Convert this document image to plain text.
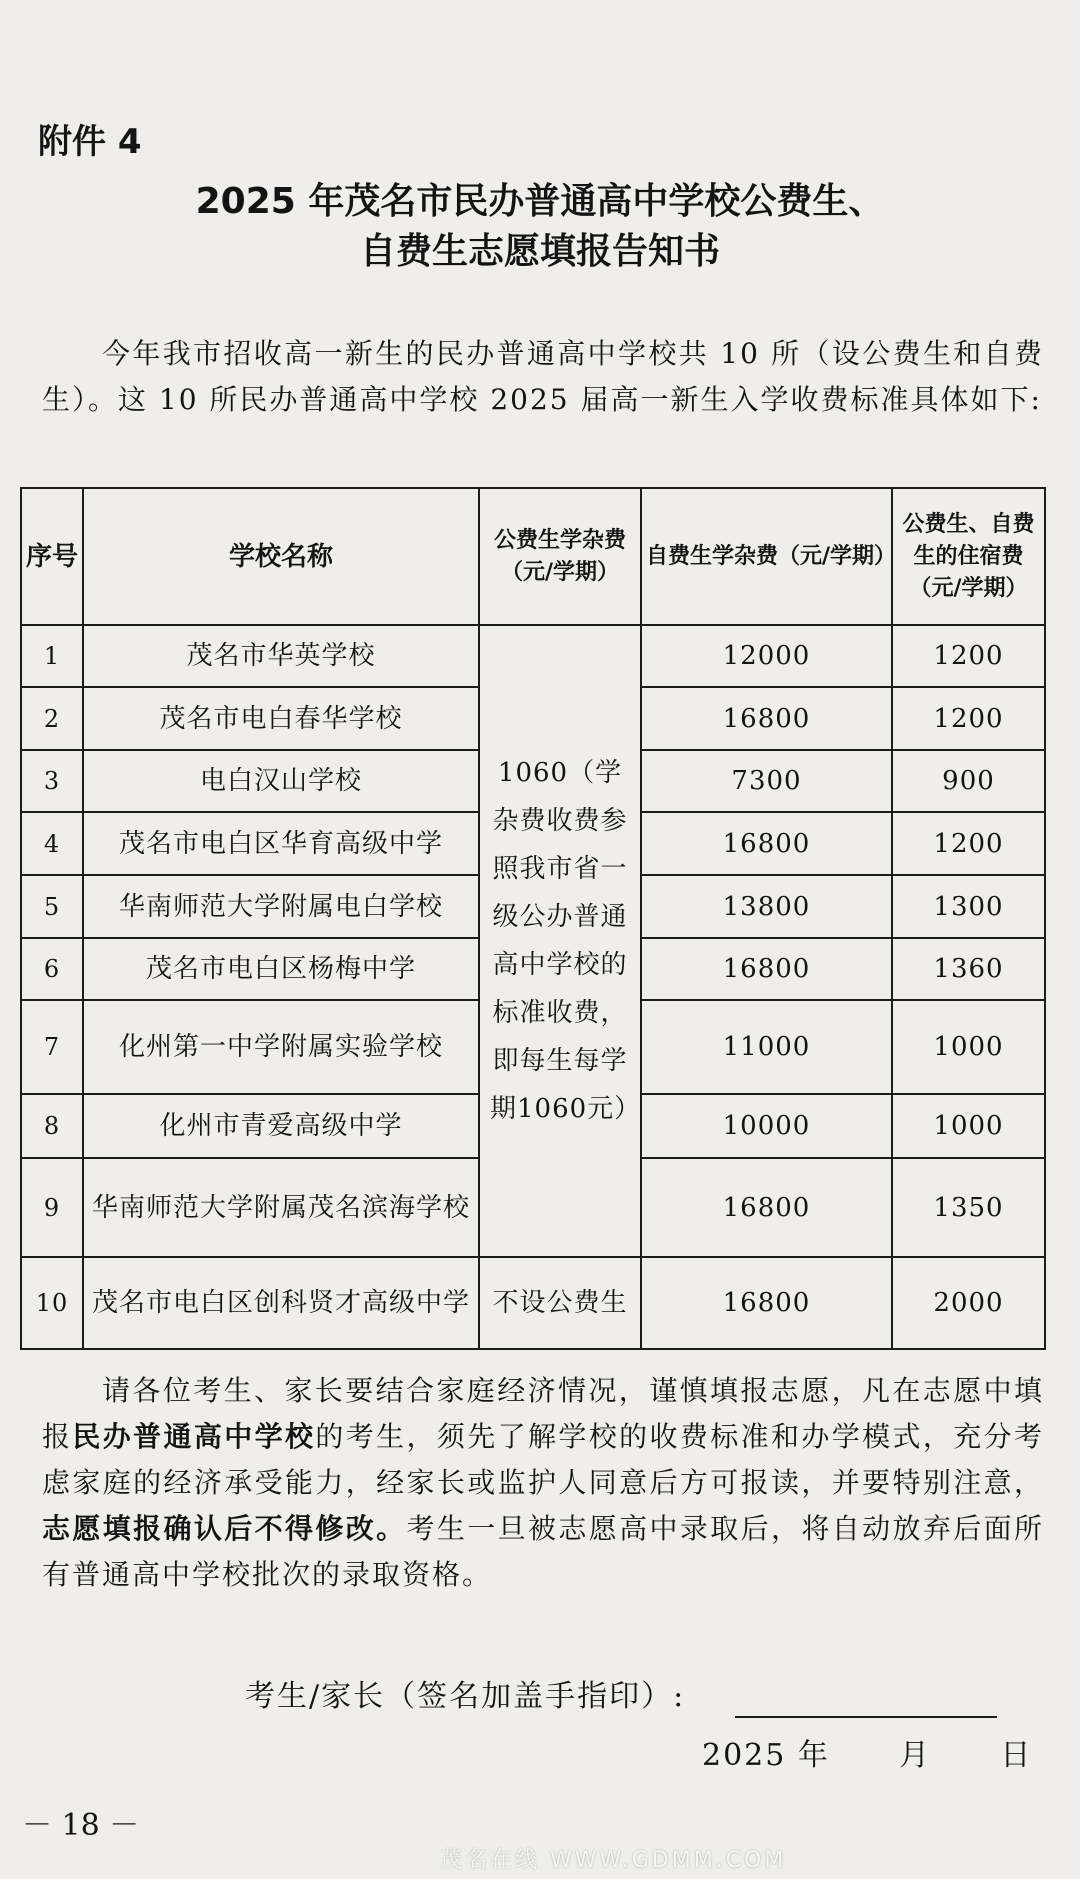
附件 4
2025 年茂名市民办普通高中学校公费生、
自费生志愿填报告知书
今年我市招收高一新生的民办普通高中学校共 10 所（设公费生和自费生）。这 10 所民办普通高中学校 2025 届高一新生入学收费标准具体如下:
序号	学校名称	公费生学杂费（元/学期）	自费生学杂费（元/学期）	公费生、自费生的住宿费（元/学期）
1	茂名市华英学校	1060（学杂费收费参照我市省一级公办普通高中学校的标准收费，即每生每学期1060元）	12000	1200
2	茂名市电白春华学校		16800	1200
3	电白汉山学校		7300	900
4	茂名市电白区华育高级中学		16800	1200
5	华南师范大学附属电白学校		13800	1300
6	茂名市电白区杨梅中学		16800	1360
7	化州第一中学附属实验学校		11000	1000
8	化州市青爱高级中学		10000	1000
9	华南师范大学附属茂名滨海学校		16800	1350
10	茂名市电白区创科贤才高级中学	不设公费生	16800	2000
请各位考生、家长要结合家庭经济情况，谨慎填报志愿，凡在志愿中填报民办普通高中学校的考生，须先了解学校的收费标准和办学模式，充分考虑家庭的经济承受能力，经家长或监护人同意后方可报读，并要特别注意，志愿填报确认后不得修改。考生一旦被志愿高中录取后，将自动放弃后面所有普通高中学校批次的录取资格。
考生/家长（签名加盖手指印）:
2025 年      月      日
－ 18 －
茂名在线 WWW.GDMM.COM
